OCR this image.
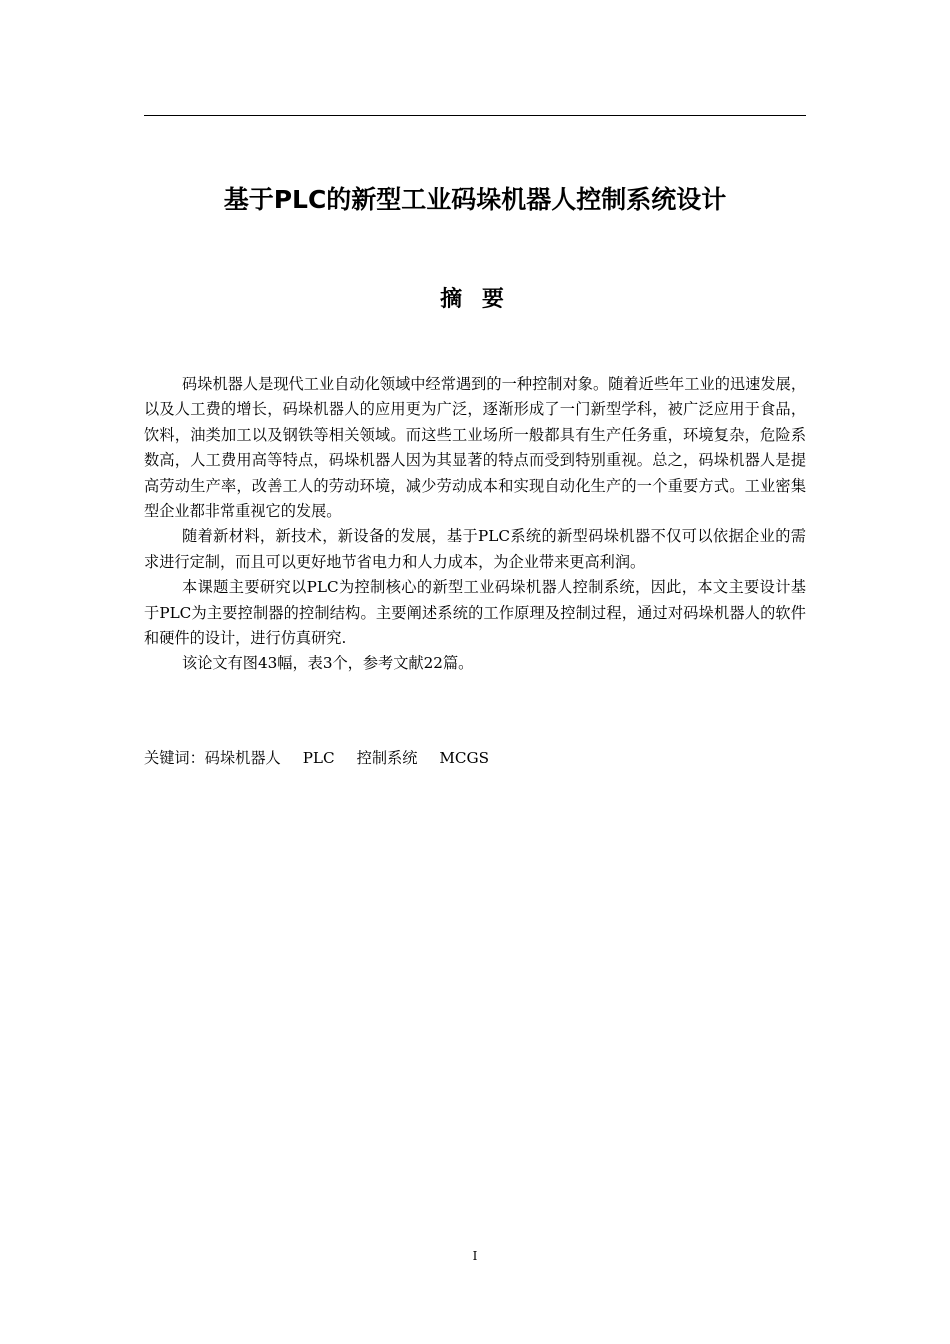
基于PLC的新型工业码垛机器人控制系统设计
摘 要

码垛机器人是现代工业自动化领域中经常遇到的一种控制对象。随着近些年工业的迅速发展，以及人工费的增长，码垛机器人的应用更为广泛，逐渐形成了一门新型学科，被广泛应用于食品，饮料，油类加工以及钢铁等相关领域。而这些工业场所一般都具有生产任务重，环境复杂，危险系数高，人工费用高等特点，码垛机器人因为其显著的特点而受到特别重视。总之，码垛机器人是提高劳动生产率，改善工人的劳动环境，减少劳动成本和实现自动化生产的一个重要方式。工业密集型企业都非常重视它的发展。

随着新材料，新技术，新设备的发展，基于PLC系统的新型码垛机器不仅可以依据企业的需求进行定制，而且可以更好地节省电力和人力成本，为企业带来更高利润。

本课题主要研究以PLC为控制核心的新型工业码垛机器人控制系统，因此，本文主要设计基于PLC为主要控制器的控制结构。主要阐述系统的工作原理及控制过程，通过对码垛机器人的软件和硬件的设计，进行仿真研究.

该论文有图43幅，表3个，参考文献22篇。

关键词：码垛机器人 PLC 控制系统 MCGS
I
